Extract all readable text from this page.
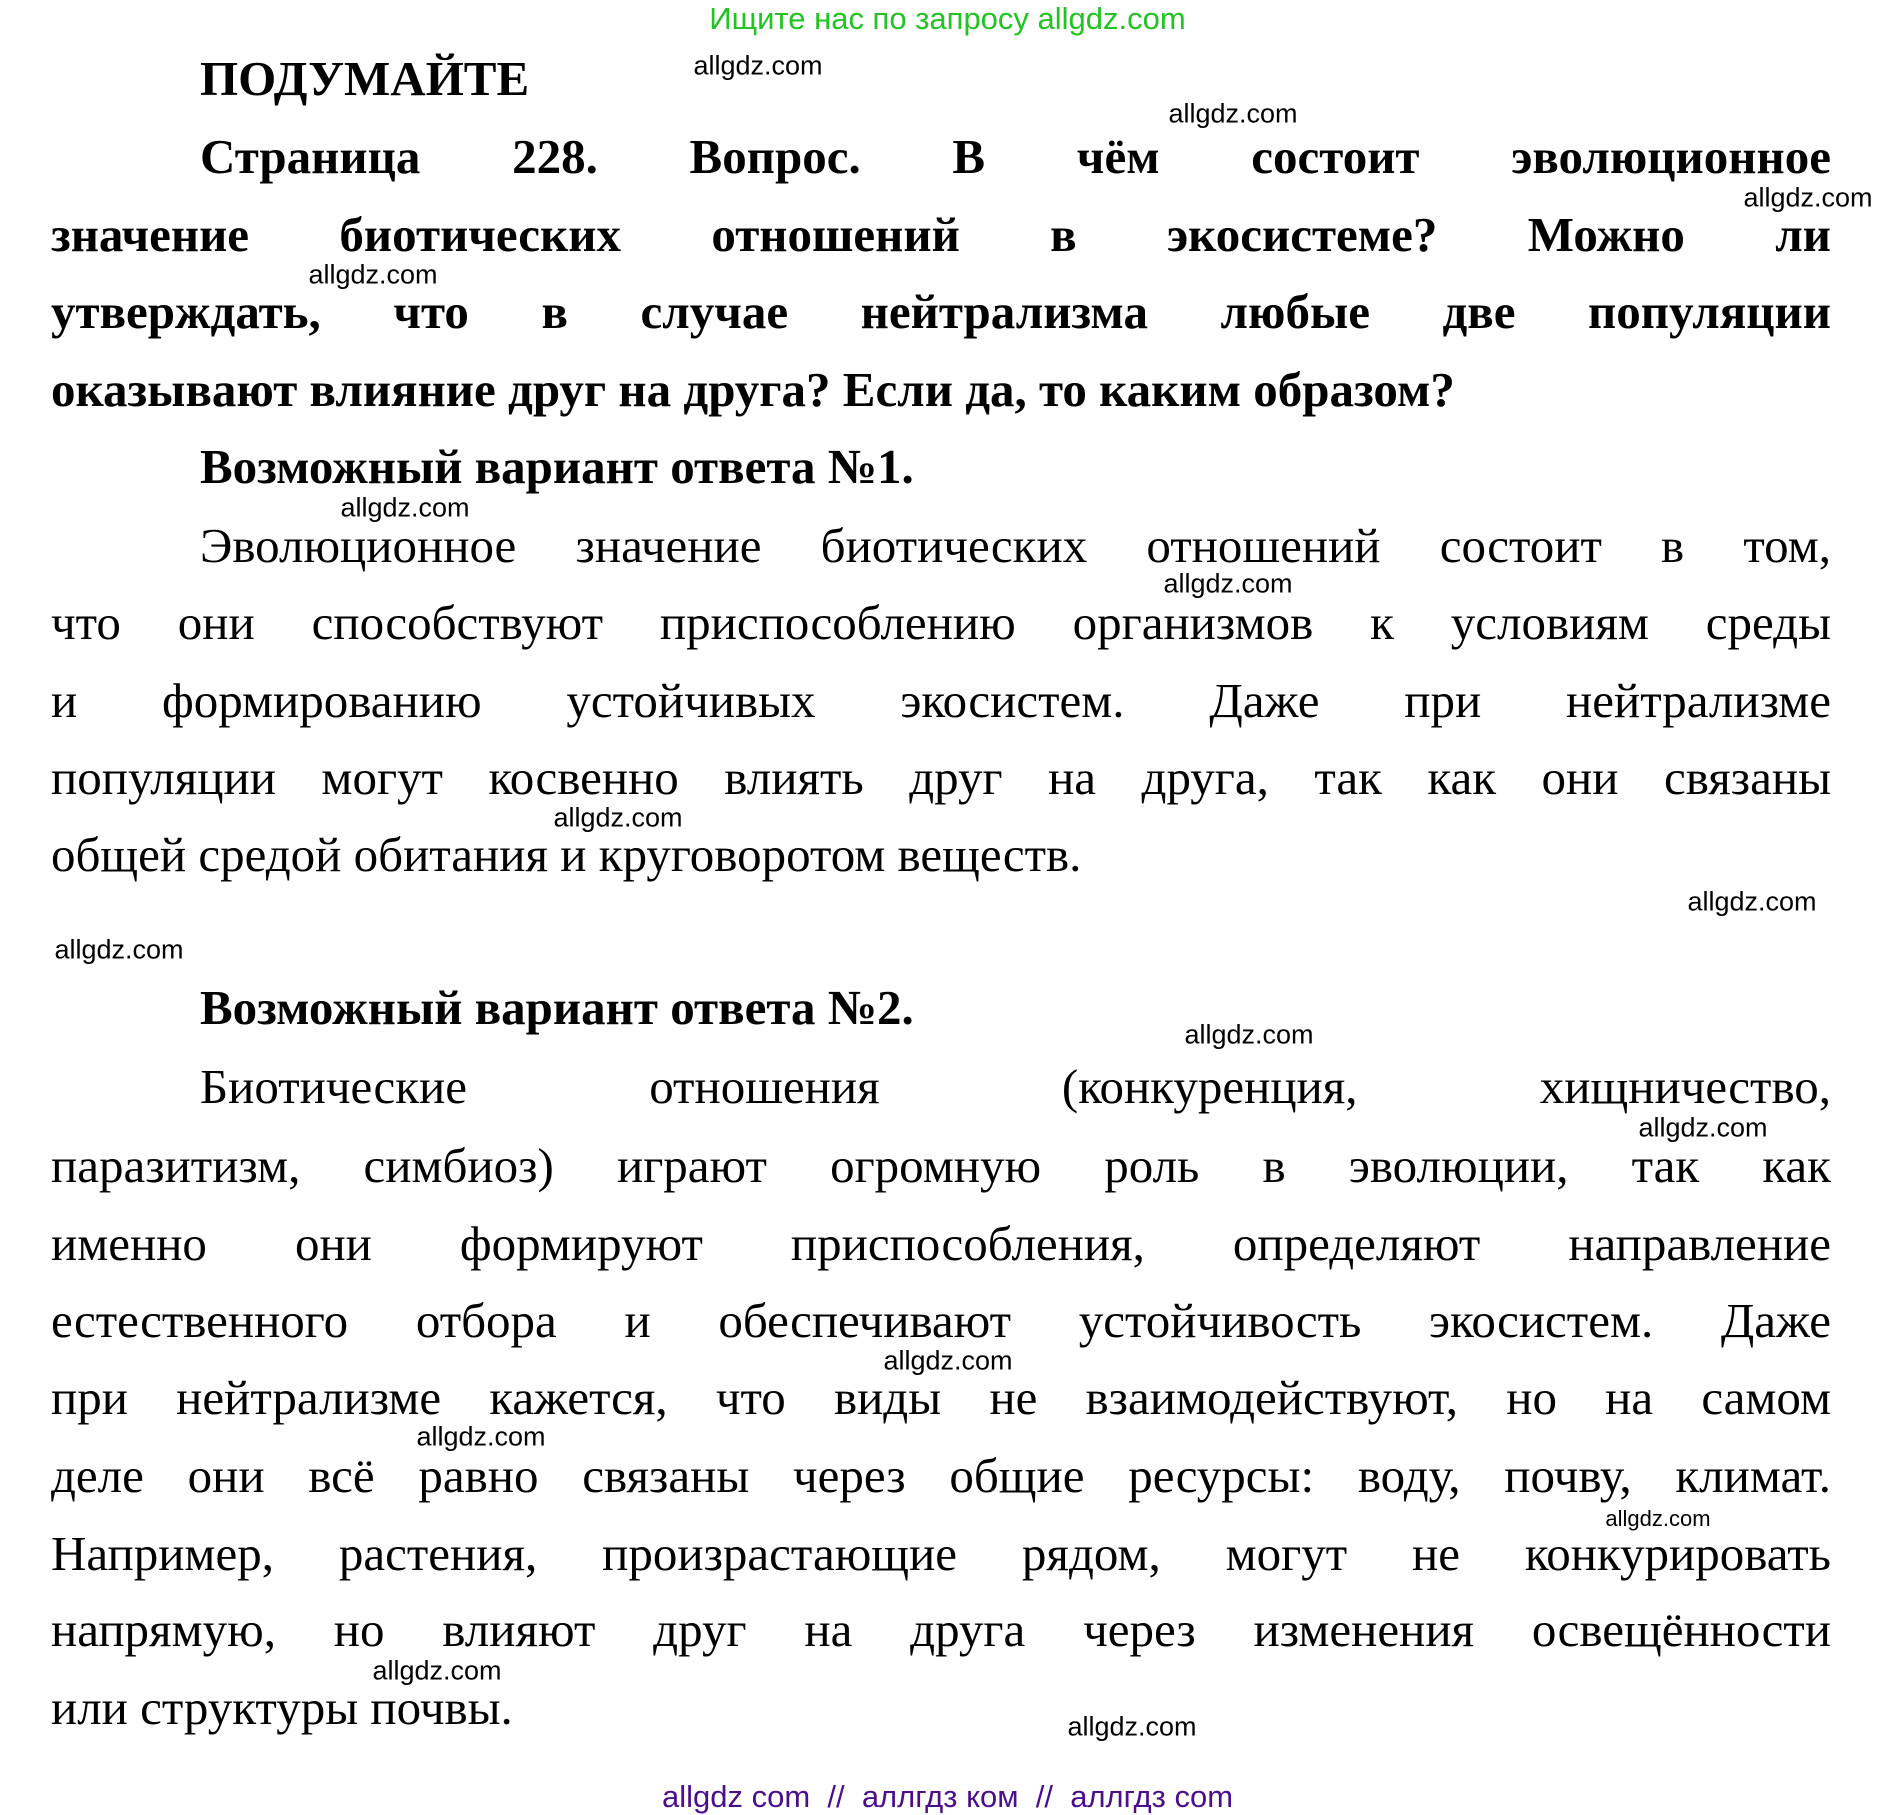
Ищите нас по запросу allgdz.com
ПОДУМАЙТЕ
Страница 228. Вопрос. В чём состоит эволюционное
значение биотических отношений в экосистеме? Можно ли
утверждать, что в случае нейтрализма любые две популяции
оказывают влияние друг на друга? Если да, то каким образом?
Возможный вариант ответа №1.
Эволюционное значение биотических отношений состоит в том,
что они способствуют приспособлению организмов к условиям среды
и формированию устойчивых экосистем. Даже при нейтрализме
популяции могут косвенно влиять друг на друга, так как они связаны
общей средой обитания и круговоротом веществ.
Возможный вариант ответа №2.
Биотические отношения (конкуренция, хищничество,
паразитизм, симбиоз) играют огромную роль в эволюции, так как
именно они формируют приспособления, определяют направление
естественного отбора и обеспечивают устойчивость экосистем. Даже
при нейтрализме кажется, что виды не взаимодействуют, но на самом
деле они всё равно связаны через общие ресурсы: воду, почву, климат.
Например, растения, произрастающие рядом, могут не конкурировать
напрямую, но влияют друг на друга через изменения освещённости
или структуры почвы.
allgdz.com
allgdz.com
allgdz.com
allgdz.com
allgdz.com
allgdz.com
allgdz.com
allgdz.com
allgdz.com
allgdz.com
allgdz.com
allgdz.com
allgdz.com
allgdz.com
allgdz.com
allgdz.com
allgdz com  //  аллгдз ком  //  аллгдз com
